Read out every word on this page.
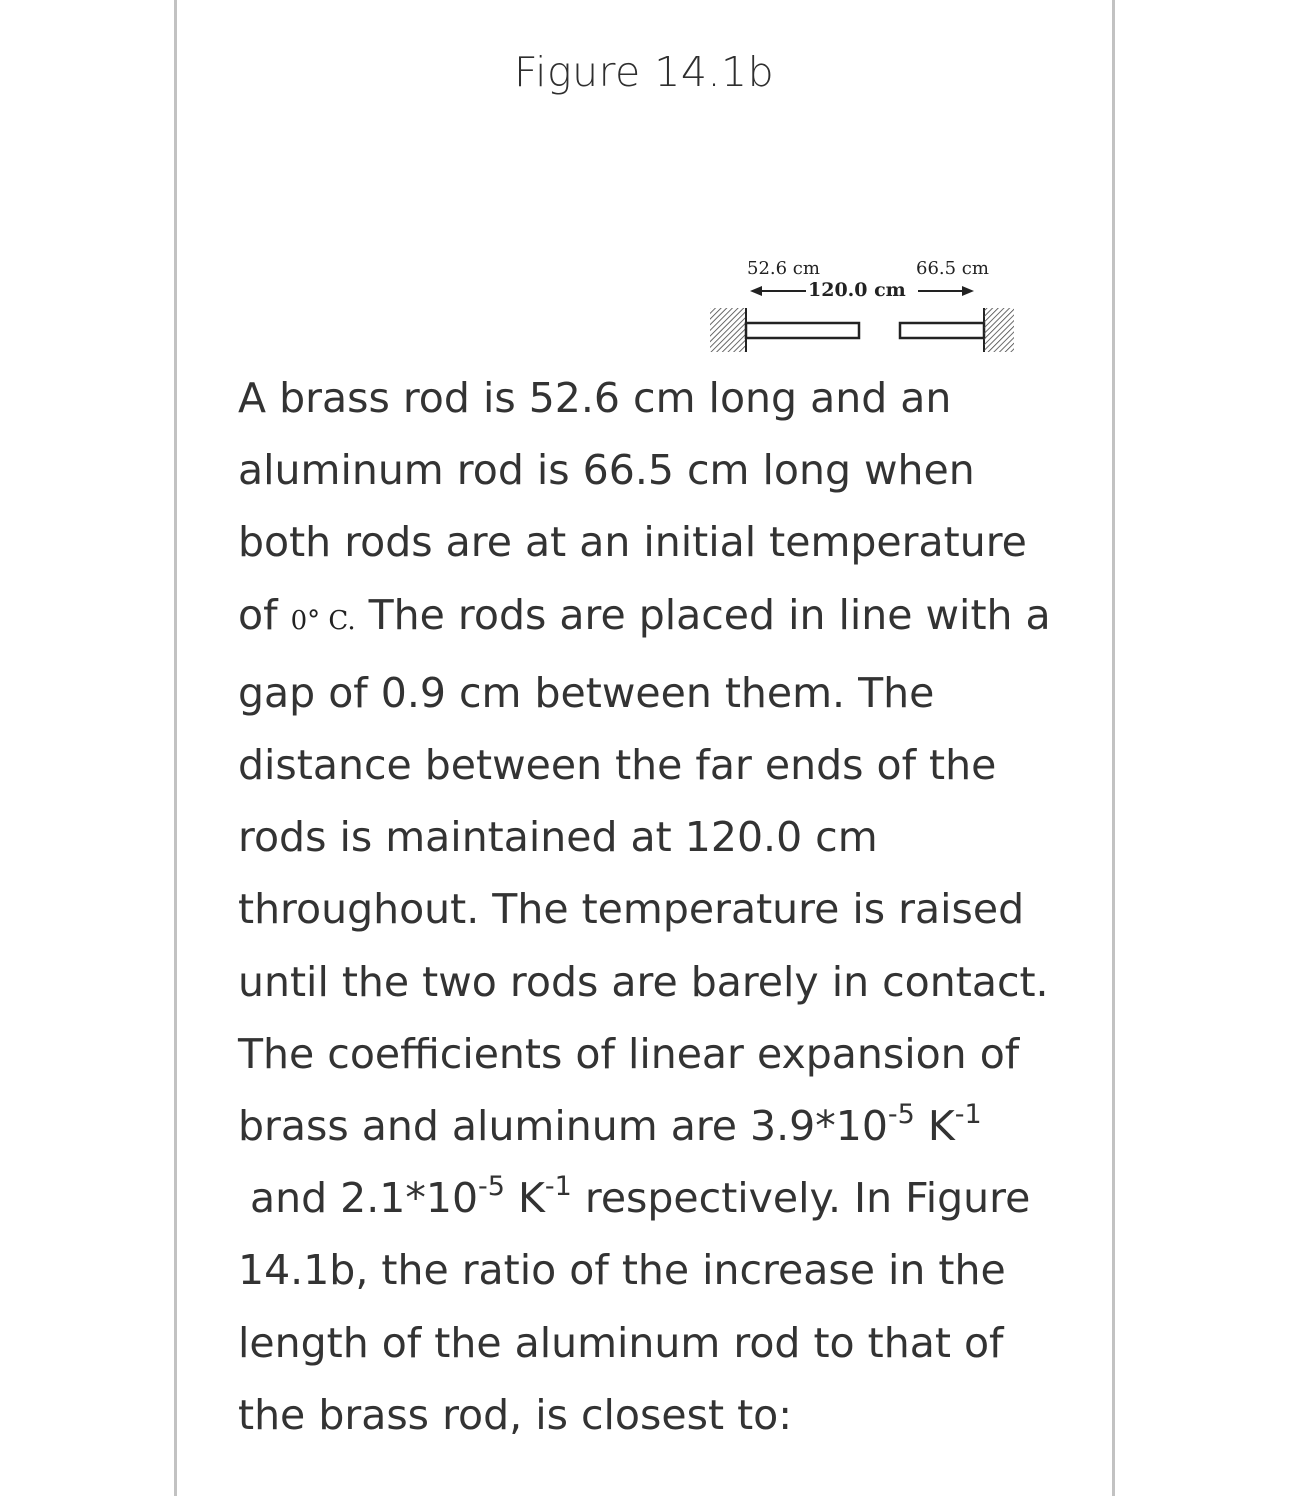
Figure 14.1b
52.6 cm	66.5 cm
120.0 cm

A brass rod is 52.6 cm long and an aluminum rod is 66.5 cm long when both rods are at an initial temperature of 0° C. The rods are placed in line with a gap of 0.9 cm between them. The distance between the far ends of the rods is maintained at 120.0 cm throughout. The temperature is raised until the two rods are barely in contact. The coefficients of linear expansion of brass and aluminum are $3.9*10^{-5}$ $K^{-1}$
and $2.1*10^{-5}$ $K^{-1}$ respectively. In Figure 14.1b, the ratio of the increase in the length of the aluminum rod to that of the brass rod, is closest to:
